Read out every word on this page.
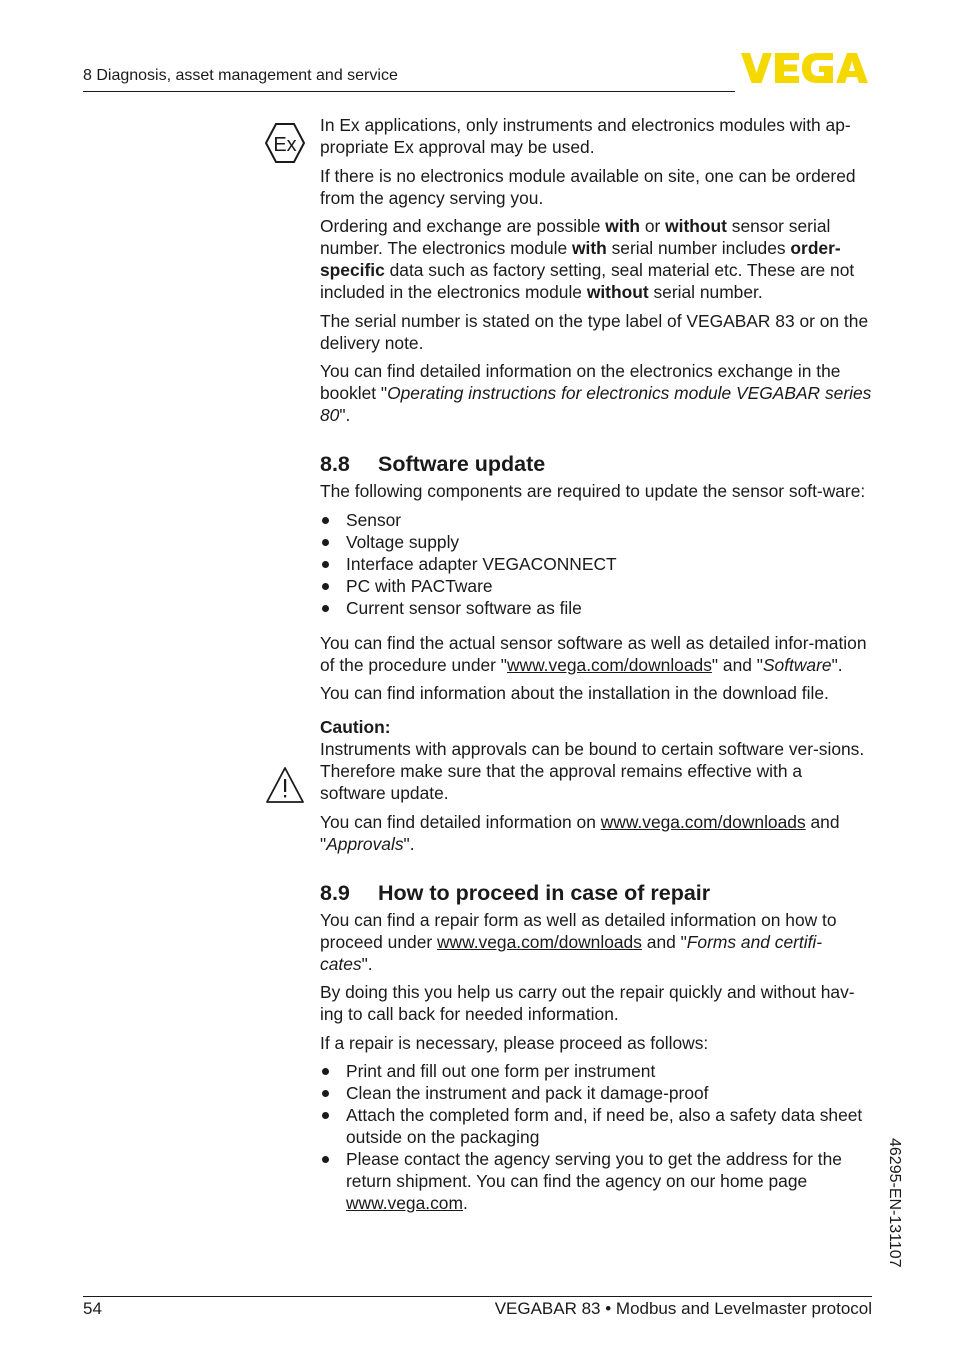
8 Diagnosis, asset management and service
Ex

In Ex applications, only instruments and electronics modules with ap-propriate Ex approval may be used.

If there is no electronics module available on site, one can be ordered from the agency serving you.

Ordering and exchange are possible with or without sensor serial number. The electronics module with serial number includes order-specific data such as factory setting, seal material etc. These are not included in the electronics module without serial number.

The serial number is stated on the type label of VEGABAR 83 or on the delivery note.

You can find detailed information on the electronics exchange in the booklet "Operating instructions for electronics module VEGABAR series 80".

8.8 Software update

The following components are required to update the sensor soft-ware:

Sensor
Voltage supply
Interface adapter VEGACONNECT
PC with PACTware
Current sensor software as file

You can find the actual sensor software as well as detailed infor-mation of the procedure under "www.vega.com/downloads" and "Software".

You can find information about the installation in the download file.

Caution:
Instruments with approvals can be bound to certain software ver-sions. Therefore make sure that the approval remains effective with a software update.

You can find detailed information on www.vega.com/downloads and "Approvals".

8.9 How to proceed in case of repair

You can find a repair form as well as detailed information on how to proceed under www.vega.com/downloads and "Forms and certifi-cates".

By doing this you help us carry out the repair quickly and without hav-ing to call back for needed information.

If a repair is necessary, please proceed as follows:

Print and fill out one form per instrument
Clean the instrument and pack it damage-proof
Attach the completed form and, if need be, also a safety data sheet outside on the packaging
Please contact the agency serving you to get the address for the return shipment. You can find the agency on our home page www.vega.com.	46295-EN-131107
54	VEGABAR 83 • Modbus and Levelmaster protocol
